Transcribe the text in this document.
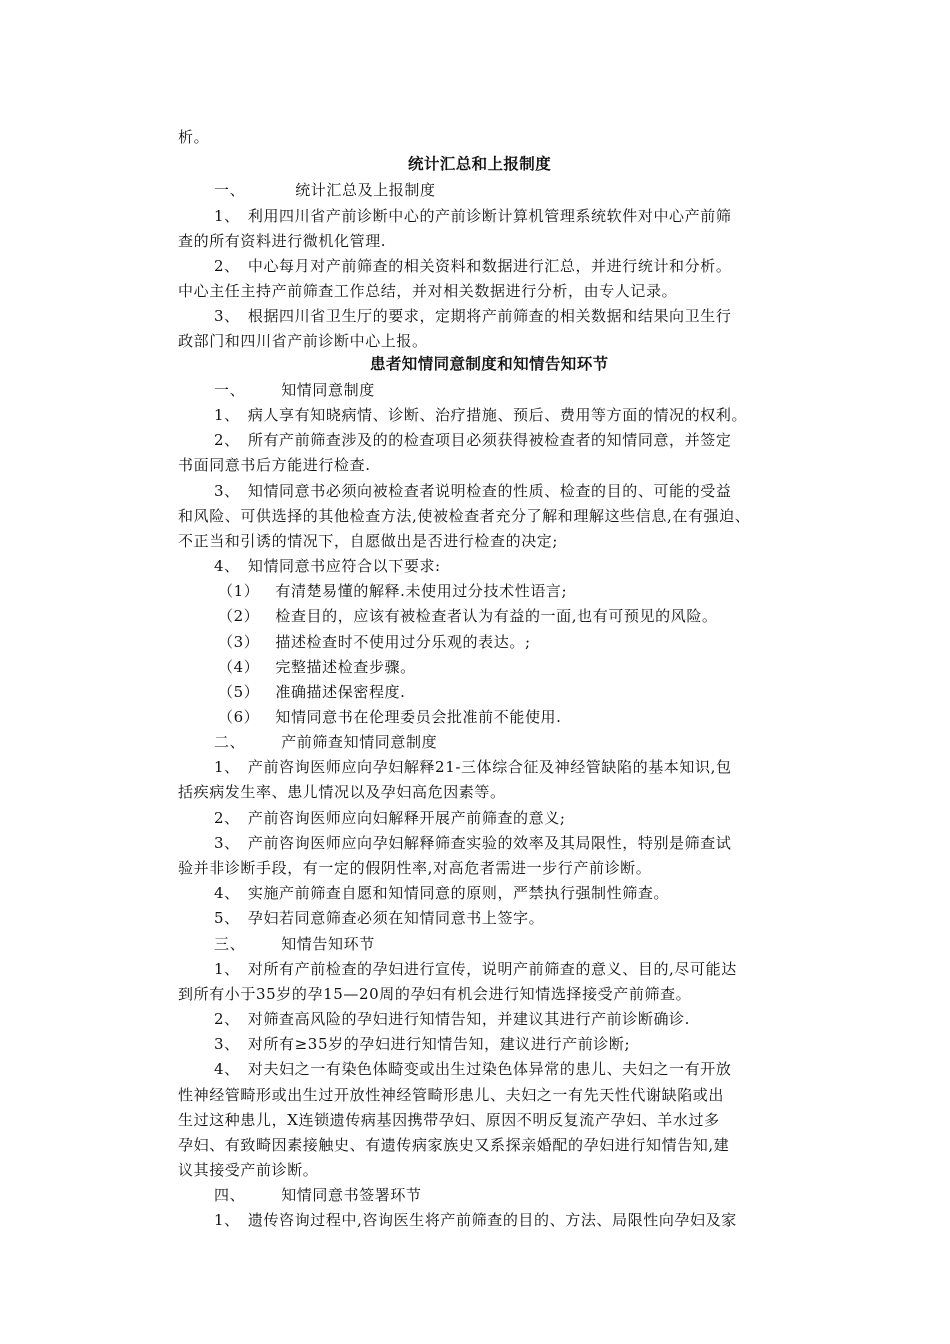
析。
统计汇总和上报制度
一、	统计汇总及上报制度
1、　利用四川省产前诊断中心的产前诊断计算机管理系统软件对中心产前筛
查的所有资料进行微机化管理.
2、　中心每月对产前筛查的相关资料和数据进行汇总，并进行统计和分析。
中心主任主持产前筛查工作总结，并对相关数据进行分析，由专人记录。
3、　根据四川省卫生厅的要求，定期将产前筛查的相关数据和结果向卫生行
政部门和四川省产前诊断中心上报。
患者知情同意制度和知情告知环节
一、 知情同意制度
1、　病人享有知晓病情、诊断、治疗措施、预后、费用等方面的情况的权利。
2、　所有产前筛查涉及的的检查项目必须获得被检查者的知情同意，并签定
书面同意书后方能进行检查.
3、　知情同意书必须向被检查者说明检查的性质、检查的目的、可能的受益
和风险、可供选择的其他检查方法,使被检查者充分了解和理解这些信息,在有强迫、
不正当和引诱的情况下，自愿做出是否进行检查的决定;
4、　知情同意书应符合以下要求:
（1） 有清楚易懂的解释.未使用过分技术性语言;
（2） 检查目的，应该有被检查者认为有益的一面,也有可预见的风险。
（3） 描述检查时不使用过分乐观的表达。;
（4） 完整描述检查步骤。
（5） 准确描述保密程度.
（6） 知情同意书在伦理委员会批准前不能使用.
二、 产前筛查知情同意制度
1、　产前咨询医师应向孕妇解释21-三体综合征及神经管缺陷的基本知识,包
括疾病发生率、患儿情况以及孕妇高危因素等。
2、　产前咨询医师应向妇解释开展产前筛查的意义;
3、　产前咨询医师应向孕妇解释筛查实验的效率及其局限性，特别是筛查试
验并非诊断手段，有一定的假阴性率,对高危者需进一步行产前诊断。
4、　实施产前筛查自愿和知情同意的原则，严禁执行强制性筛查。
5、　孕妇若同意筛查必须在知情同意书上签字。
三、 知情告知环节
1、　对所有产前检查的孕妇进行宣传，说明产前筛查的意义、目的,尽可能达
到所有小于35岁的孕15—20周的孕妇有机会进行知情选择接受产前筛查。
2、　对筛查高风险的孕妇进行知情告知，并建议其进行产前诊断确诊.
3、　对所有≥35岁的孕妇进行知情告知，建议进行产前诊断;
4、　对夫妇之一有染色体畸变或出生过染色体异常的患儿、夫妇之一有开放
性神经管畸形或出生过开放性神经管畸形患儿、夫妇之一有先天性代谢缺陷或出
生过这种患儿，X连锁遗传病基因携带孕妇、原因不明反复流产孕妇、羊水过多
孕妇、有致畸因素接触史、有遗传病家族史又系探亲婚配的孕妇进行知情告知,建
议其接受产前诊断。
四、 知情同意书签署环节
1、　遗传咨询过程中,咨询医生将产前筛查的目的、方法、局限性向孕妇及家
